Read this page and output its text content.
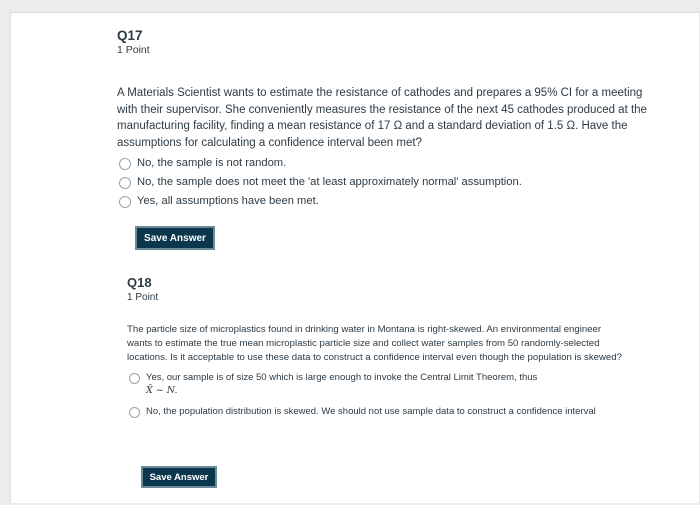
Q17

1 Point

A Materials Scientist wants to estimate the resistance of cathodes and prepares a 95% CI for a meeting with their supervisor. She conveniently measures the resistance of the next 45 cathodes produced at the manufacturing facility, finding a mean resistance of 17 Ω and a standard deviation of 1.5 Ω. Have the assumptions for calculating a confidence interval been met?
No, the sample is not random.
No, the sample does not meet the 'at least approximately normal' assumption.
Yes, all assumptions have been met.
Save Answer

Q18

1 Point

The particle size of microplastics found in drinking water in Montana is right-skewed. An environmental engineer wants to estimate the true mean microplastic particle size and collect water samples from 50 randomly-selected locations. Is it acceptable to use these data to construct a confidence interval even though the population is skewed?
Yes, our sample is of size 50 which is large enough to invoke the Central Limit Theorem, thus
X̄ ~ N.
No, the population distribution is skewed. We should not use sample data to construct a confidence interval
Save Answer
